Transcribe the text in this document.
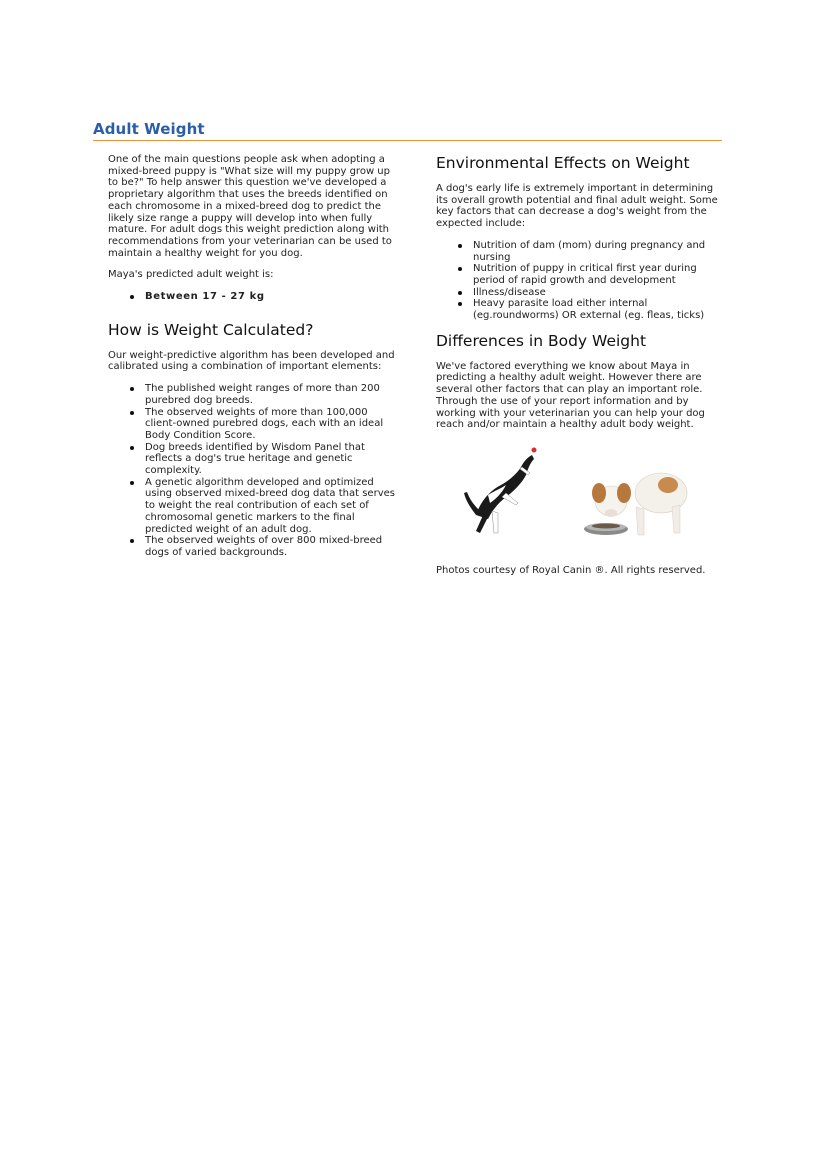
Adult Weight

One of the main questions people ask when adopting a mixed-breed puppy is "What size will my puppy grow up to be?" To help answer this question we've developed a proprietary algorithm that uses the breeds identified on each chromosome in a mixed-breed dog to predict the likely size range a puppy will develop into when fully mature. For adult dogs this weight prediction along with recommendations from your veterinarian can be used to maintain a healthy weight for you dog.

Maya's predicted adult weight is:

Between 17 - 27 kg
How is Weight Calculated?

Our weight-predictive algorithm has been developed and calibrated using a combination of important elements:

The published weight ranges of more than 200 purebred dog breeds.
The observed weights of more than 100,000 client-owned purebred dogs, each with an ideal Body Condition Score.
Dog breeds identified by Wisdom Panel that reflects a dog's true heritage and genetic complexity.
A genetic algorithm developed and optimized using observed mixed-breed dog data that serves to weight the real contribution of each set of chromosomal genetic markers to the final predicted weight of an adult dog.
The observed weights of over 800 mixed-breed dogs of varied backgrounds.
Environmental Effects on Weight

A dog's early life is extremely important in determining its overall growth potential and final adult weight. Some key factors that can decrease a dog's weight from the expected include:

Nutrition of dam (mom) during pregnancy and nursing
Nutrition of puppy in critical first year during period of rapid growth and development
Illness/disease
Heavy parasite load either internal (eg.roundworms) OR external (eg. fleas, ticks)
Differences in Body Weight

We've factored everything we know about Maya in predicting a healthy adult weight. However there are several other factors that can play an important role. Through the use of your report information and by working with your veterinarian you can help your dog reach and/or maintain a healthy adult body weight.

Photos courtesy of Royal Canin ®. All rights reserved.
